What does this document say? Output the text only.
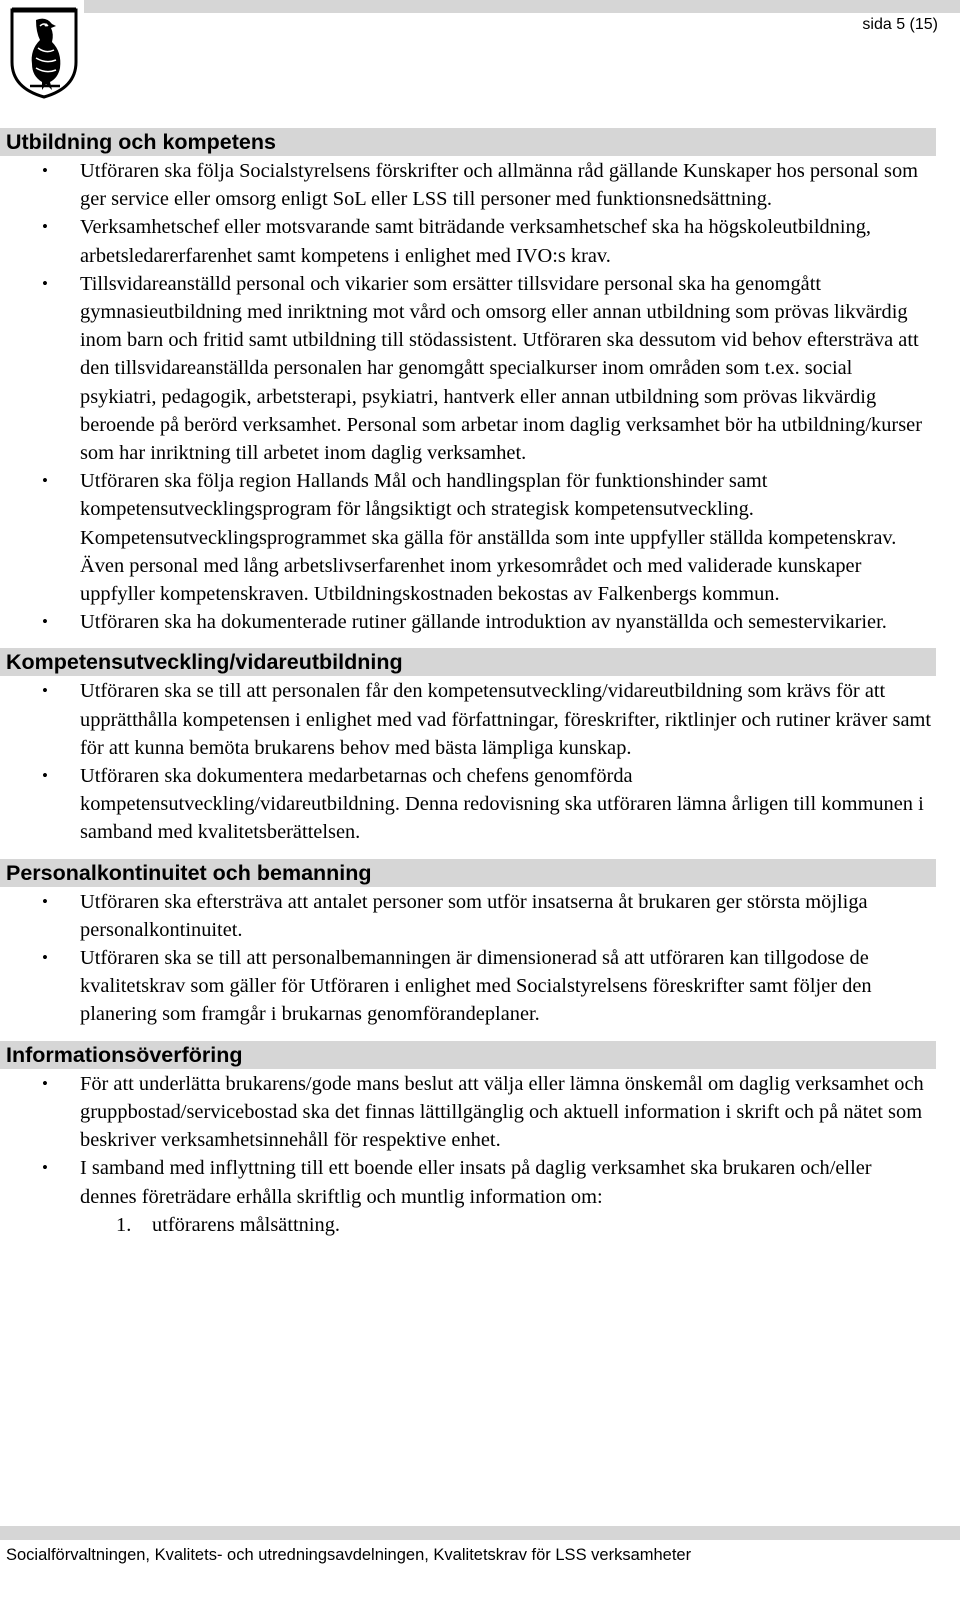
sida 5 (15)
Utbildning och kompetens
• Utföraren ska följa Socialstyrelsens förskrifter och allmänna råd gällande Kunskaper hos personal som ger service eller omsorg enligt SoL eller LSS till personer med funktionsnedsättning.
• Verksamhetschef eller motsvarande samt biträdande verksamhetschef ska ha högskoleutbildning, arbetsledarerfarenhet samt kompetens i enlighet med IVO:s krav.
• Tillsvidareanställd personal och vikarier som ersätter tillsvidare personal ska ha genomgått gymnasieutbildning med inriktning mot vård och omsorg eller annan utbildning som prövas likvärdig inom barn och fritid samt utbildning till stödassistent. Utföraren ska dessutom vid behov eftersträva att den tillsvidareanställda personalen har genomgått specialkurser inom områden som t.ex. social psykiatri, pedagogik, arbetsterapi, psykiatri, hantverk eller annan utbildning som prövas likvärdig beroende på berörd verksamhet. Personal som arbetar inom daglig verksamhet bör ha utbildning/kurser som har inriktning till arbetet inom daglig verksamhet.
• Utföraren ska följa region Hallands Mål och handlingsplan för funktionshinder samt kompetensutvecklingsprogram för långsiktigt och strategisk kompetensutveckling. Kompetensutvecklingsprogrammet ska gälla för anställda som inte uppfyller ställda kompetenskrav. Även personal med lång arbetslivserfarenhet inom yrkesområdet och med validerade kunskaper uppfyller kompetenskraven. Utbildningskostnaden bekostas av Falkenbergs kommun.
• Utföraren ska ha dokumenterade rutiner gällande introduktion av nyanställda och semestervikarier.
Kompetensutveckling/vidareutbildning
• Utföraren ska se till att personalen får den kompetensutveckling/vidareutbildning som krävs för att upprätthålla kompetensen i enlighet med vad författningar, föreskrifter, riktlinjer och rutiner kräver samt för att kunna bemöta brukarens behov med bästa lämpliga kunskap.
• Utföraren ska dokumentera medarbetarnas och chefens genomförda kompetensutveckling/vidareutbildning. Denna redovisning ska utföraren lämna årligen till kommunen i samband med kvalitetsberättelsen.
Personalkontinuitet och bemanning
• Utföraren ska eftersträva att antalet personer som utför insatserna åt brukaren ger största möjliga personalkontinuitet.
• Utföraren ska se till att personalbemanningen är dimensionerad så att utföraren kan tillgodose de kvalitetskrav som gäller för Utföraren i enlighet med Socialstyrelsens föreskrifter samt följer den planering som framgår i brukarnas genomförandeplaner.
Informationsöverföring
• För att underlätta brukarens/gode mans beslut att välja eller lämna önskemål om daglig verksamhet och gruppbostad/servicebostad ska det finnas lättillgänglig och aktuell information i skrift och på nätet som beskriver verksamhetsinnehåll för respektive enhet.
• I samband med inflyttning till ett boende eller insats på daglig verksamhet ska brukaren och/eller dennes företrädare erhålla skriftlig och muntlig information om:
1. utförarens målsättning.
Socialförvaltningen, Kvalitets- och utredningsavdelningen, Kvalitetskrav för LSS verksamheter
